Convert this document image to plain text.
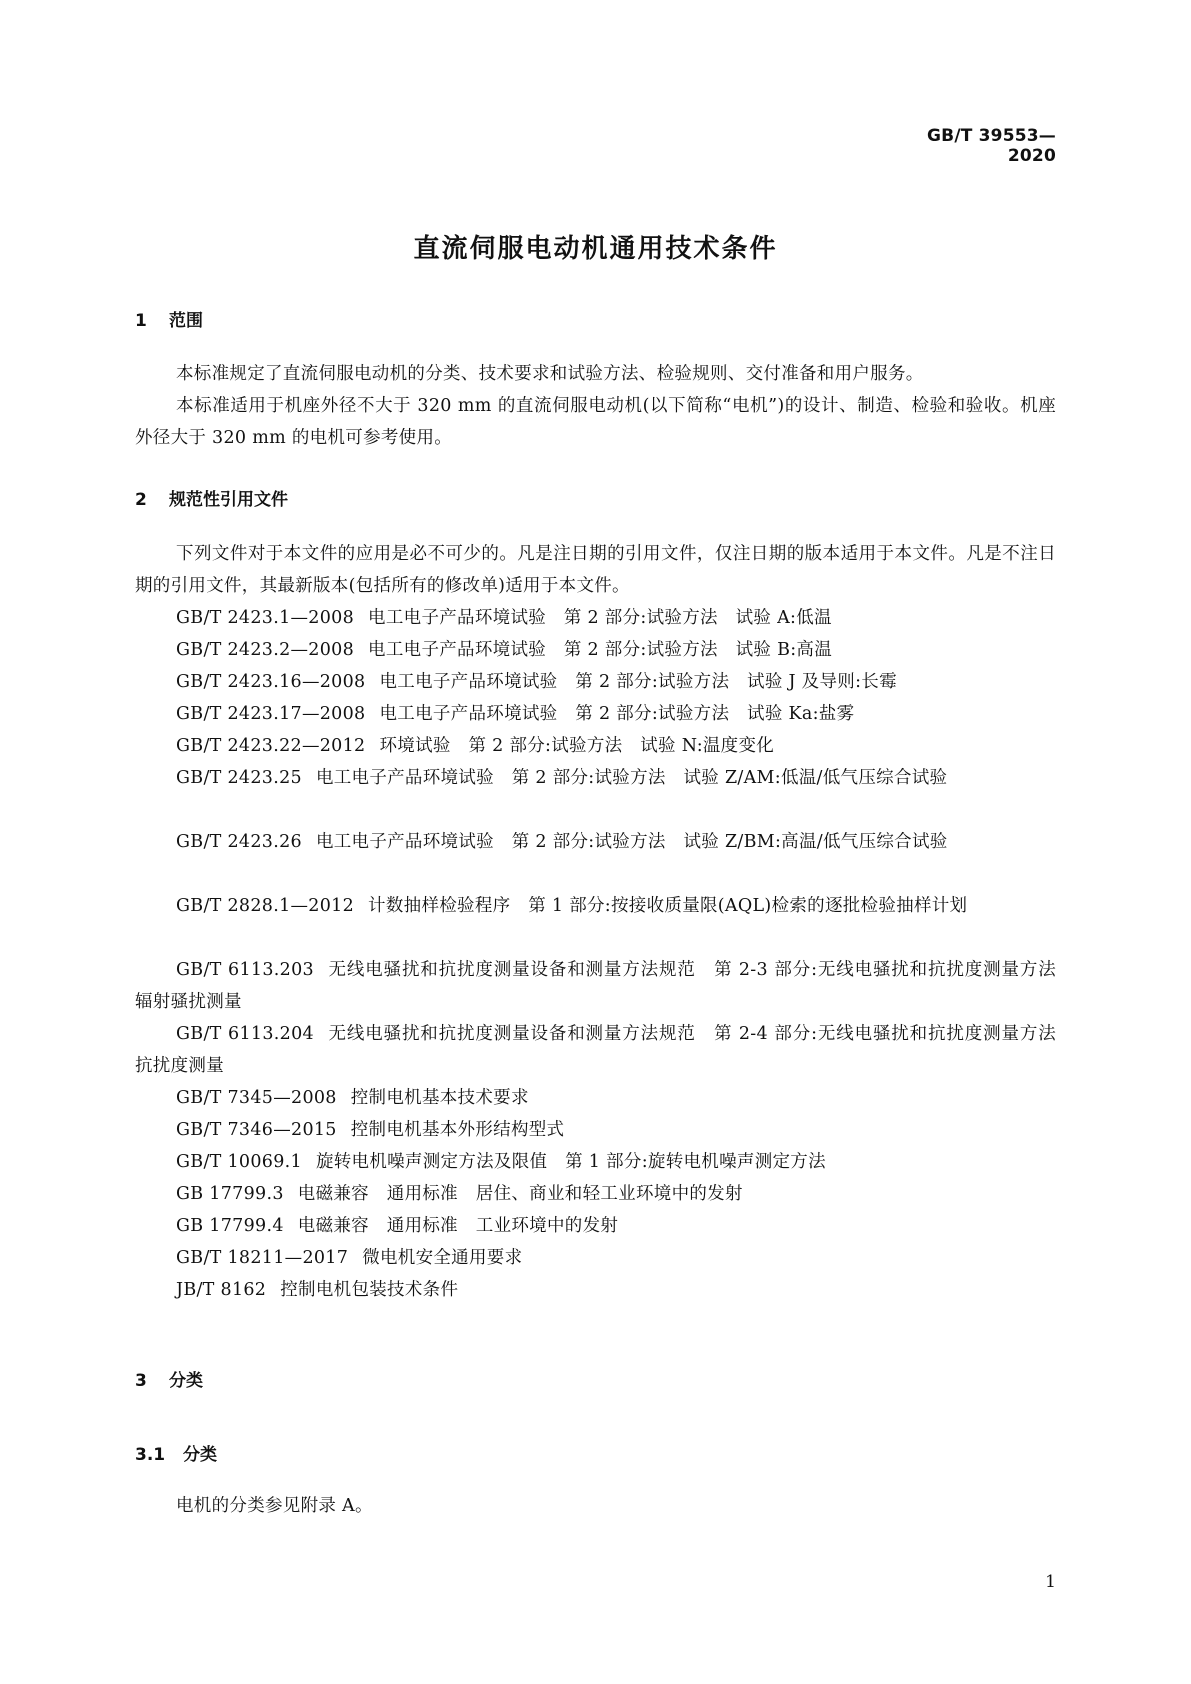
GB/T 39553—2020
直流伺服电动机通用技术条件
1 范围
本标准规定了直流伺服电动机的分类、技术要求和试验方法、检验规则、交付准备和用户服务。
本标准适用于机座外径不大于 320 mm 的直流伺服电动机(以下简称“电机”)的设计、制造、检验和验收。机座外径大于 320 mm 的电机可参考使用。
2 规范性引用文件
下列文件对于本文件的应用是必不可少的。凡是注日期的引用文件，仅注日期的版本适用于本文件。凡是不注日期的引用文件，其最新版本(包括所有的修改单)适用于本文件。
GB/T 2423.1—2008 电工电子产品环境试验　第 2 部分:试验方法　试验 A:低温
GB/T 2423.2—2008 电工电子产品环境试验　第 2 部分:试验方法　试验 B:高温
GB/T 2423.16—2008 电工电子产品环境试验　第 2 部分:试验方法　试验 J 及导则:长霉
GB/T 2423.17—2008 电工电子产品环境试验　第 2 部分:试验方法　试验 Ka:盐雾
GB/T 2423.22—2012 环境试验　第 2 部分:试验方法　试验 N:温度变化
GB/T 2423.25 电工电子产品环境试验　第 2 部分:试验方法　试验 Z/AM:低温/低气压综合试验
GB/T 2423.26 电工电子产品环境试验　第 2 部分:试验方法　试验 Z/BM:高温/低气压综合试验
GB/T 2828.1—2012 计数抽样检验程序　第 1 部分:按接收质量限(AQL)检索的逐批检验抽样计划
GB/T 6113.203 无线电骚扰和抗扰度测量设备和测量方法规范　第 2-3 部分:无线电骚扰和抗扰度测量方法 辐射骚扰测量
GB/T 6113.204 无线电骚扰和抗扰度测量设备和测量方法规范　第 2-4 部分:无线电骚扰和抗扰度测量方法 抗扰度测量
GB/T 7345—2008 控制电机基本技术要求
GB/T 7346—2015 控制电机基本外形结构型式
GB/T 10069.1 旋转电机噪声测定方法及限值　第 1 部分:旋转电机噪声测定方法
GB 17799.3 电磁兼容　通用标准　居住、商业和轻工业环境中的发射
GB 17799.4 电磁兼容　通用标准　工业环境中的发射
GB/T 18211—2017 微电机安全通用要求
JB/T 8162 控制电机包装技术条件
3 分类
3.1 分类
电机的分类参见附录 A。
1
